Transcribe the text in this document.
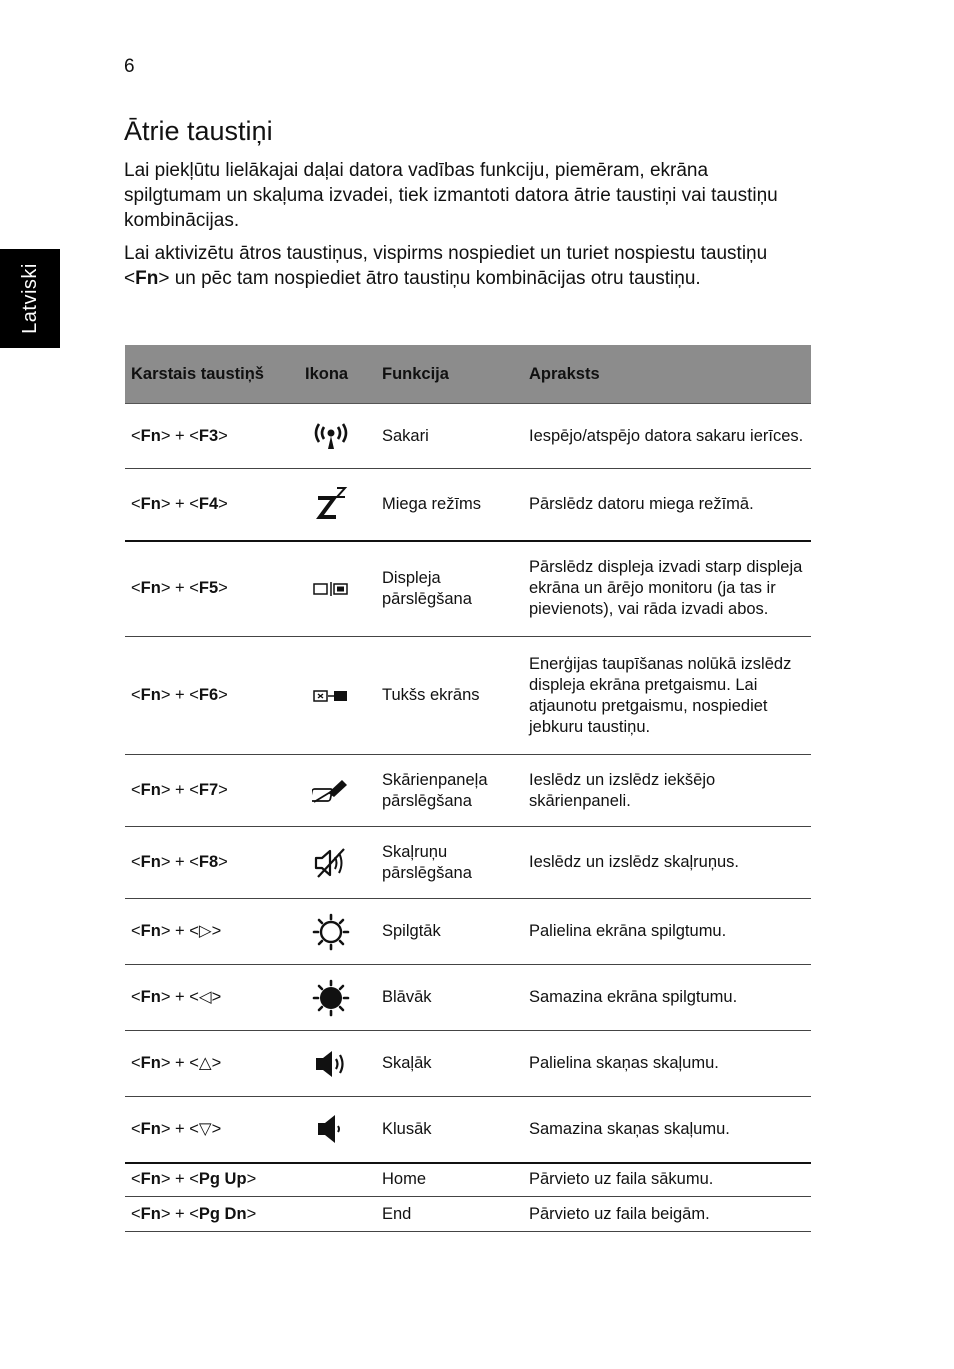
6
Latviski
Ātrie taustiņi

Lai piekļūtu lielākajai daļai datora vadības funkciju, piemēram, ekrāna spilgtumam un skaļuma izvadei, tiek izmantoti datora ātrie taustiņi vai taustiņu kombinācijas.

Lai aktivizētu ātros taustiņus, vispirms nospiediet un turiet nospiestu taustiņu <Fn> un pēc tam nospiediet ātro taustiņu kombinācijas otru taustiņu.

Karstais taustiņš	Ikona	Funkcija	Apraksts
<Fn> + <F3>		Sakari	Iespējo/atspējo datora sakaru ierīces.
<Fn> + <F4>		Miega režīms	Pārslēdz datoru miega režīmā.
<Fn> + <F5>		Displeja pārslēgšana	Pārslēdz displeja izvadi starp displeja ekrāna un ārējo monitoru (ja tas ir pievienots), vai rāda izvadi abos.
<Fn> + <F6>		Tukšs ekrāns	Enerģijas taupīšanas nolūkā izslēdz displeja ekrāna pretgaismu. Lai atjaunotu pretgaismu, nospiediet jebkuru taustiņu.
<Fn> + <F7>		Skārienpaneļa pārslēgšana	Ieslēdz un izslēdz iekšējo skārienpaneli.
<Fn> + <F8>		Skaļruņu pārslēgšana	Ieslēdz un izslēdz skaļruņus.
<Fn> + <▷>		Spilgtāk	Palielina ekrāna spilgtumu.
<Fn> + <◁>		Blāvāk	Samazina ekrāna spilgtumu.
<Fn> + <△>		Skaļāk	Palielina skaņas skaļumu.
<Fn> + <▽>		Klusāk	Samazina skaņas skaļumu.
<Fn> + <Pg Up>		Home	Pārvieto uz faila sākumu.
<Fn> + <Pg Dn>		End	Pārvieto uz faila beigām.
